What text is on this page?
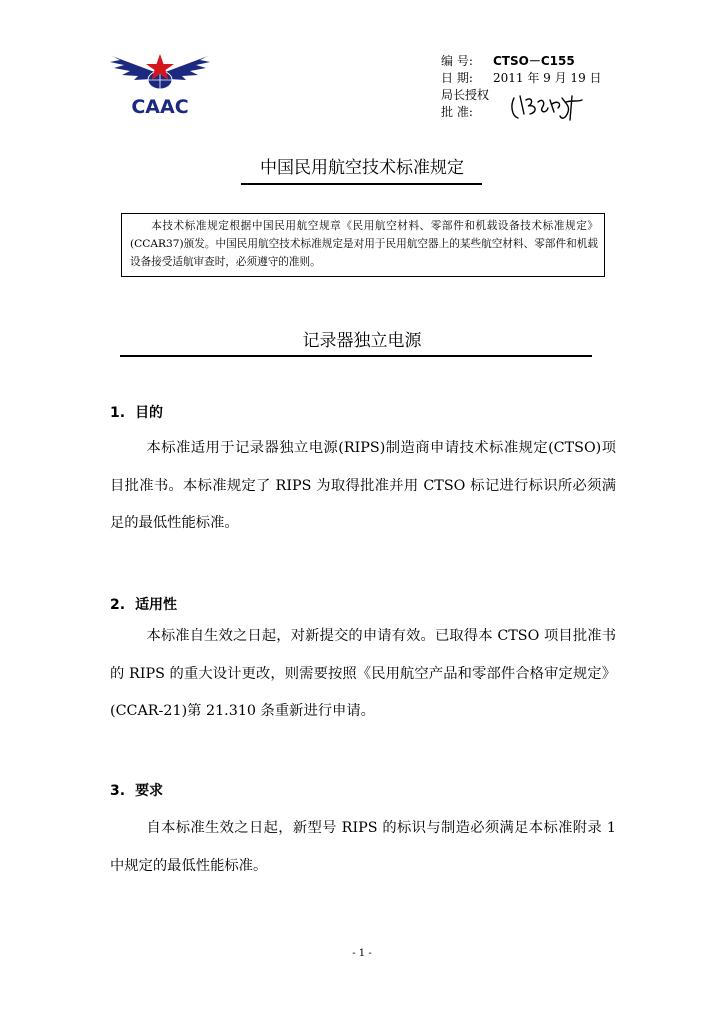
CAAC
编 号: CTSO－C155
日 期: 2011 年 9 月 19 日
局长授权
批 准:
中国民用航空技术标准规定
本技术标准规定根据中国民用航空规章《民用航空材料、零部件和机载设备技术标准规定》(CCAR37)颁发。中国民用航空技术标准规定是对用于民用航空器上的某些航空材料、零部件和机载设备接受适航审查时，必须遵守的准则。
记录器独立电源
1. 目的

本标准适用于记录器独立电源(RIPS)制造商申请技术标准规定(CTSO)项目批准书。本标准规定了 RIPS 为取得批准并用 CTSO 标记进行标识所必须满足的最低性能标准。

2. 适用性

本标准自生效之日起，对新提交的申请有效。已取得本 CTSO 项目批准书的 RIPS 的重大设计更改，则需要按照《民用航空产品和零部件合格审定规定》(CCAR-21)第 21.310 条重新进行申请。

3. 要求

自本标准生效之日起，新型号 RIPS 的标识与制造必须满足本标准附录 1 中规定的最低性能标准。

- 1 -
